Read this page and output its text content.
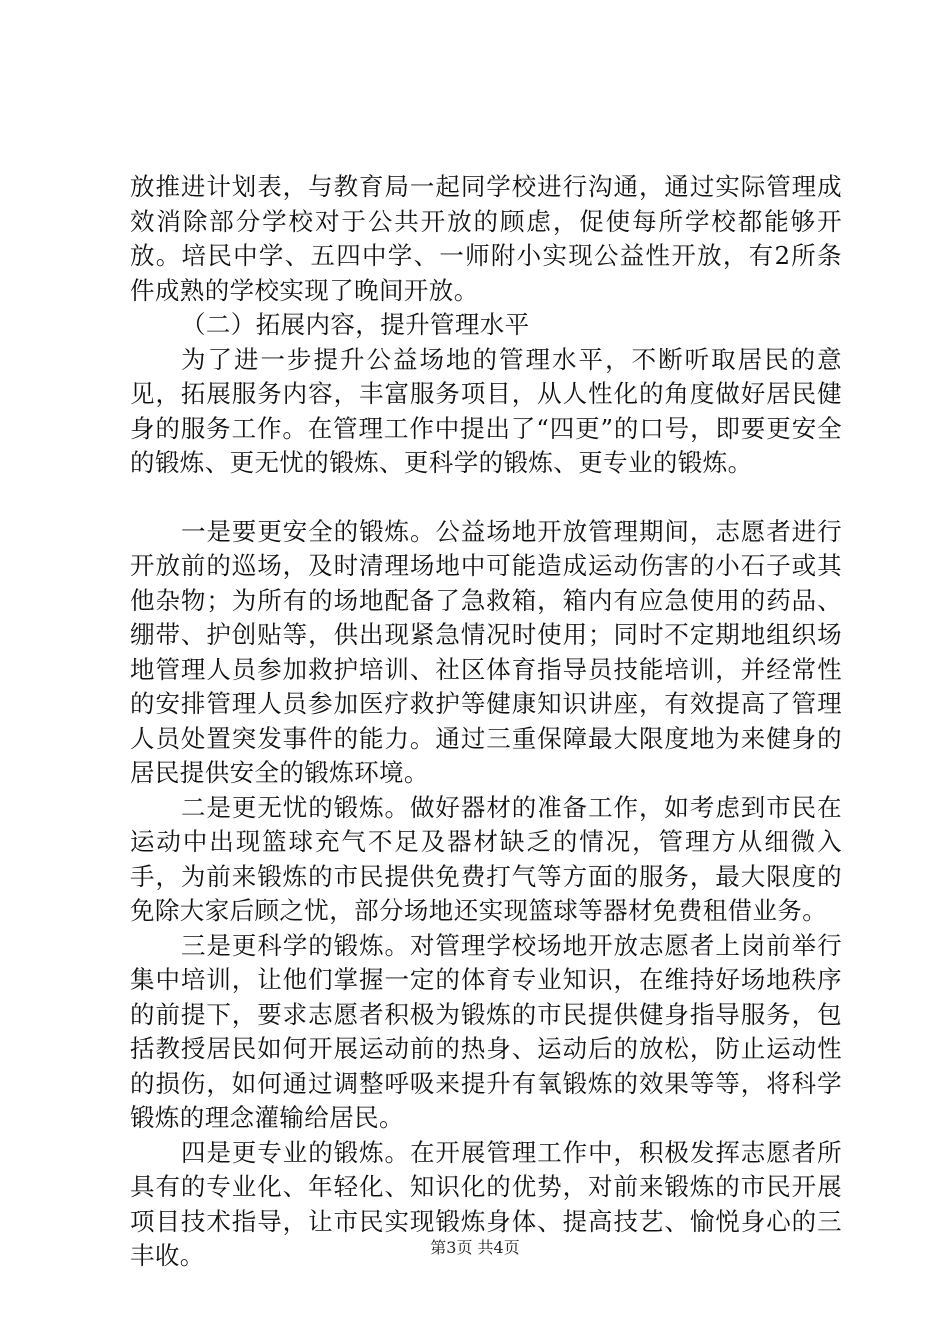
放推进计划表，与教育局一起同学校进行沟通，通过实际管理成效消除部分学校对于公共开放的顾虑，促使每所学校都能够开放。培民中学、五四中学、一师附小实现公益性开放，有2所条件成熟的学校实现了晚间开放。

（二）拓展内容，提升管理水平

为了进一步提升公益场地的管理水平，不断听取居民的意见，拓展服务内容，丰富服务项目，从人性化的角度做好居民健身的服务工作。在管理工作中提出了“四更”的口号，即要更安全的锻炼、更无忧的锻炼、更科学的锻炼、更专业的锻炼。

一是要更安全的锻炼。公益场地开放管理期间，志愿者进行开放前的巡场，及时清理场地中可能造成运动伤害的小石子或其他杂物；为所有的场地配备了急救箱，箱内有应急使用的药品、绷带、护创贴等，供出现紧急情况时使用；同时不定期地组织场地管理人员参加救护培训、社区体育指导员技能培训，并经常性的安排管理人员参加医疗救护等健康知识讲座，有效提高了管理人员处置突发事件的能力。通过三重保障最大限度地为来健身的居民提供安全的锻炼环境。

二是更无忧的锻炼。做好器材的准备工作，如考虑到市民在运动中出现篮球充气不足及器材缺乏的情况，管理方从细微入手，为前来锻炼的市民提供免费打气等方面的服务，最大限度的免除大家后顾之忧，部分场地还实现篮球等器材免费租借业务。

三是更科学的锻炼。对管理学校场地开放志愿者上岗前举行集中培训，让他们掌握一定的体育专业知识，在维持好场地秩序的前提下，要求志愿者积极为锻炼的市民提供健身指导服务，包括教授居民如何开展运动前的热身、运动后的放松，防止运动性的损伤，如何通过调整呼吸来提升有氧锻炼的效果等等，将科学锻炼的理念灌输给居民。

四是更专业的锻炼。在开展管理工作中，积极发挥志愿者所具有的专业化、年轻化、知识化的优势，对前来锻炼的市民开展项目技术指导，让市民实现锻炼身体、提高技艺、愉悦身心的三丰收。	第3页 共4页
